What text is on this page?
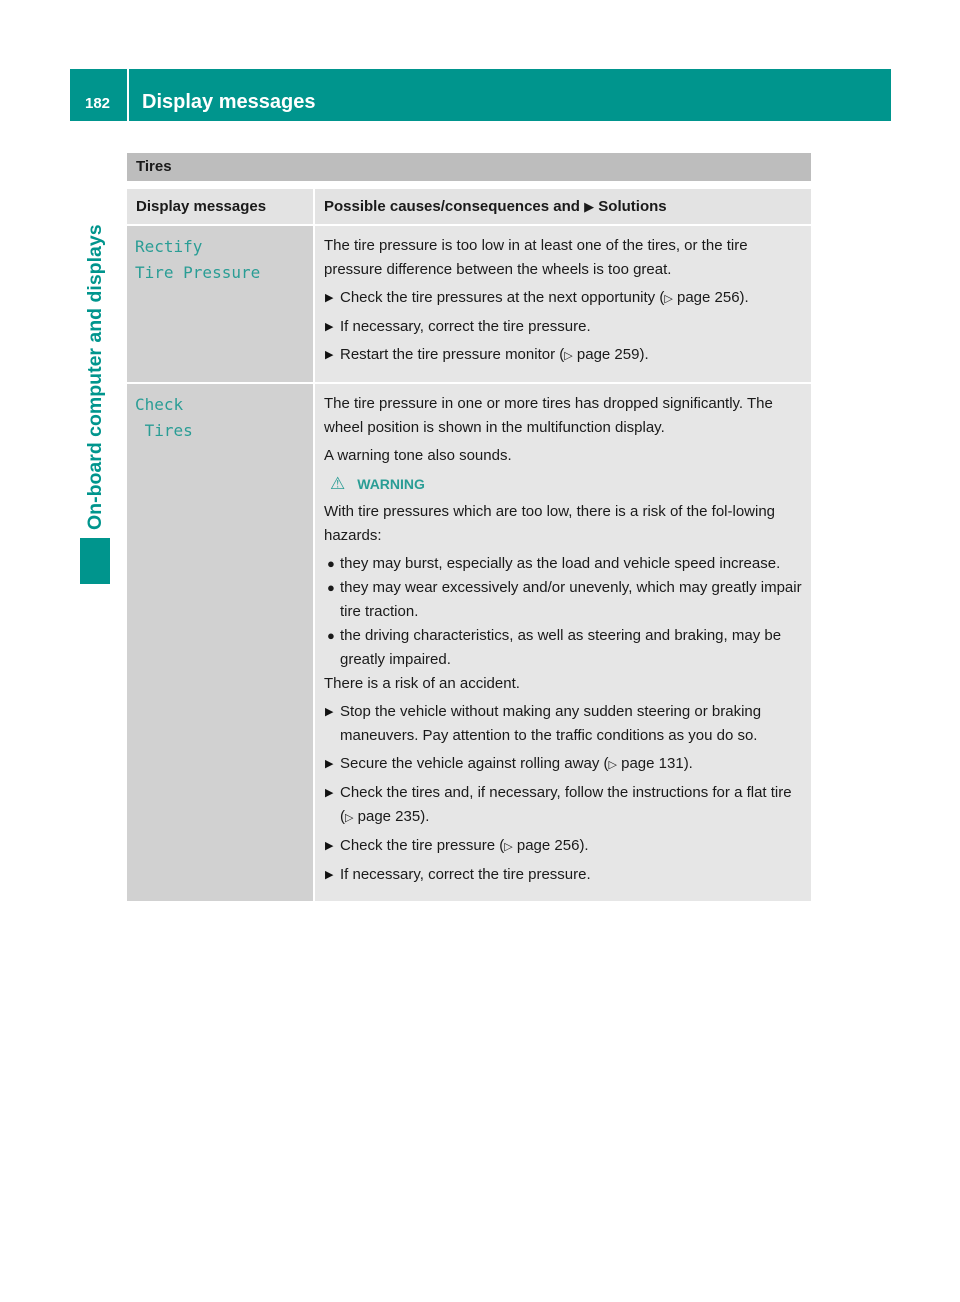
182	Display messages
On-board computer and displays
Tires
Display messages	Possible causes/consequences and ▶ Solutions
Rectify
Tire Pressure

The tire pressure is too low in at least one of the tires, or the tire pressure difference between the wheels is too great.

▶ Check the tire pressures at the next opportunity (▷ page 256).

▶ If necessary, correct the tire pressure.

▶ Restart the tire pressure monitor (▷ page 259).

Check
Tires

The tire pressure in one or more tires has dropped significantly. The wheel position is shown in the multifunction display.

A warning tone also sounds.

⚠ WARNING

With tire pressures which are too low, there is a risk of the fol-lowing hazards:

● they may burst, especially as the load and vehicle speed increase.

● they may wear excessively and/or unevenly, which may greatly impair tire traction.

● the driving characteristics, as well as steering and braking, may be greatly impaired.

There is a risk of an accident.

▶ Stop the vehicle without making any sudden steering or braking maneuvers. Pay attention to the traffic conditions as you do so.

▶ Secure the vehicle against rolling away (▷ page 131).

▶ Check the tires and, if necessary, follow the instructions for a flat tire (▷ page 235).

▶ Check the tire pressure (▷ page 256).

▶ If necessary, correct the tire pressure.
